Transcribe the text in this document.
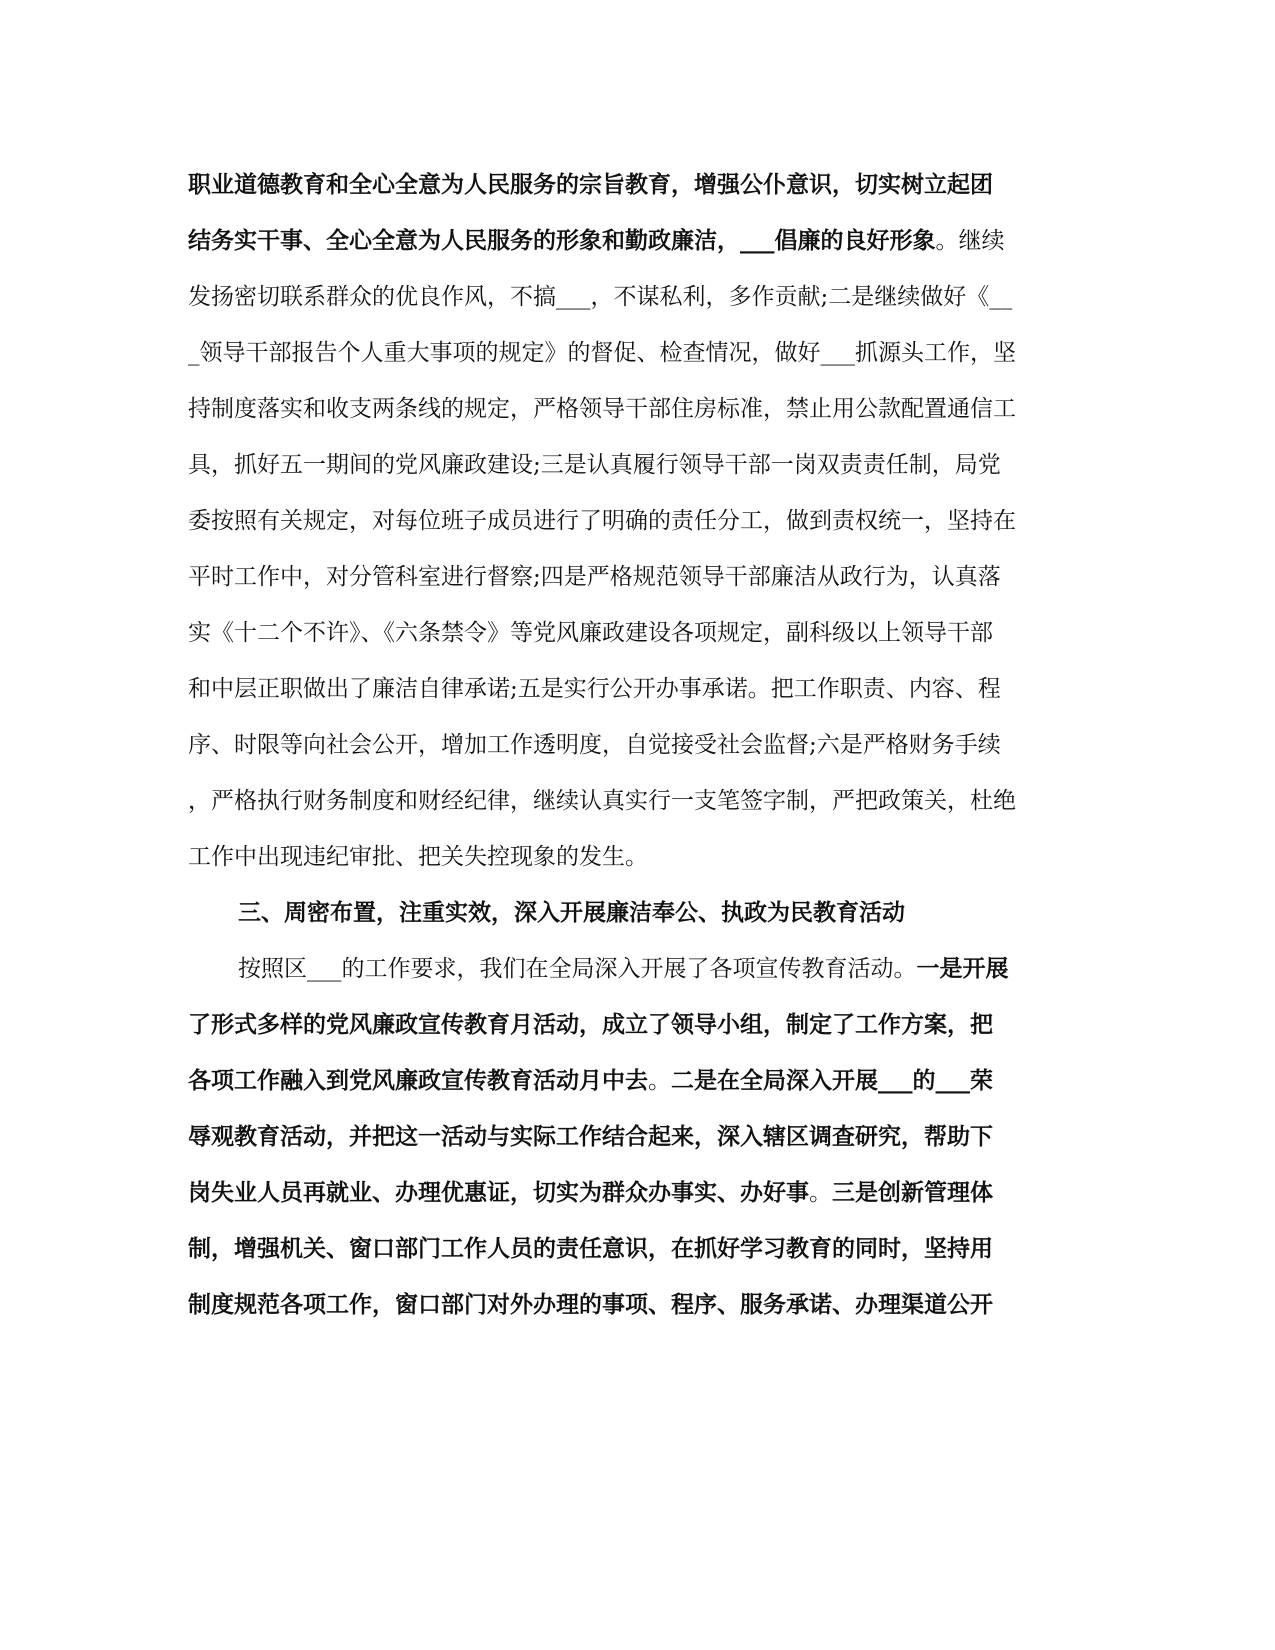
职业道德教育和全心全意为人民服务的宗旨教育，增强公仆意识，切实树立起团
结务实干事、全心全意为人民服务的形象和勤政廉洁，___倡廉的良好形象。继续
发扬密切联系群众的优良作风，不搞___，不谋私利，多作贡献;二是继续做好《__
_领导干部报告个人重大事项的规定》的督促、检查情况，做好___抓源头工作，坚
持制度落实和收支两条线的规定，严格领导干部住房标准，禁止用公款配置通信工
具，抓好五一期间的党风廉政建设;三是认真履行领导干部一岗双责责任制，局党
委按照有关规定，对每位班子成员进行了明确的责任分工，做到责权统一，坚持在
平时工作中，对分管科室进行督察;四是严格规范领导干部廉洁从政行为，认真落
实《十二个不许》、《六条禁令》等党风廉政建设各项规定，副科级以上领导干部
和中层正职做出了廉洁自律承诺;五是实行公开办事承诺。把工作职责、内容、程
序、时限等向社会公开，增加工作透明度，自觉接受社会监督;六是严格财务手续
，严格执行财务制度和财经纪律，继续认真实行一支笔签字制，严把政策关，杜绝
工作中出现违纪审批、把关失控现象的发生。
三、周密布置，注重实效，深入开展廉洁奉公、执政为民教育活动
按照区___的工作要求，我们在全局深入开展了各项宣传教育活动。一是开展
了形式多样的党风廉政宣传教育月活动，成立了领导小组，制定了工作方案，把
各项工作融入到党风廉政宣传教育活动月中去。二是在全局深入开展___的___荣
辱观教育活动，并把这一活动与实际工作结合起来，深入辖区调查研究，帮助下
岗失业人员再就业、办理优惠证，切实为群众办事实、办好事。三是创新管理体
制，增强机关、窗口部门工作人员的责任意识，在抓好学习教育的同时，坚持用
制度规范各项工作，窗口部门对外办理的事项、程序、服务承诺、办理渠道公开
